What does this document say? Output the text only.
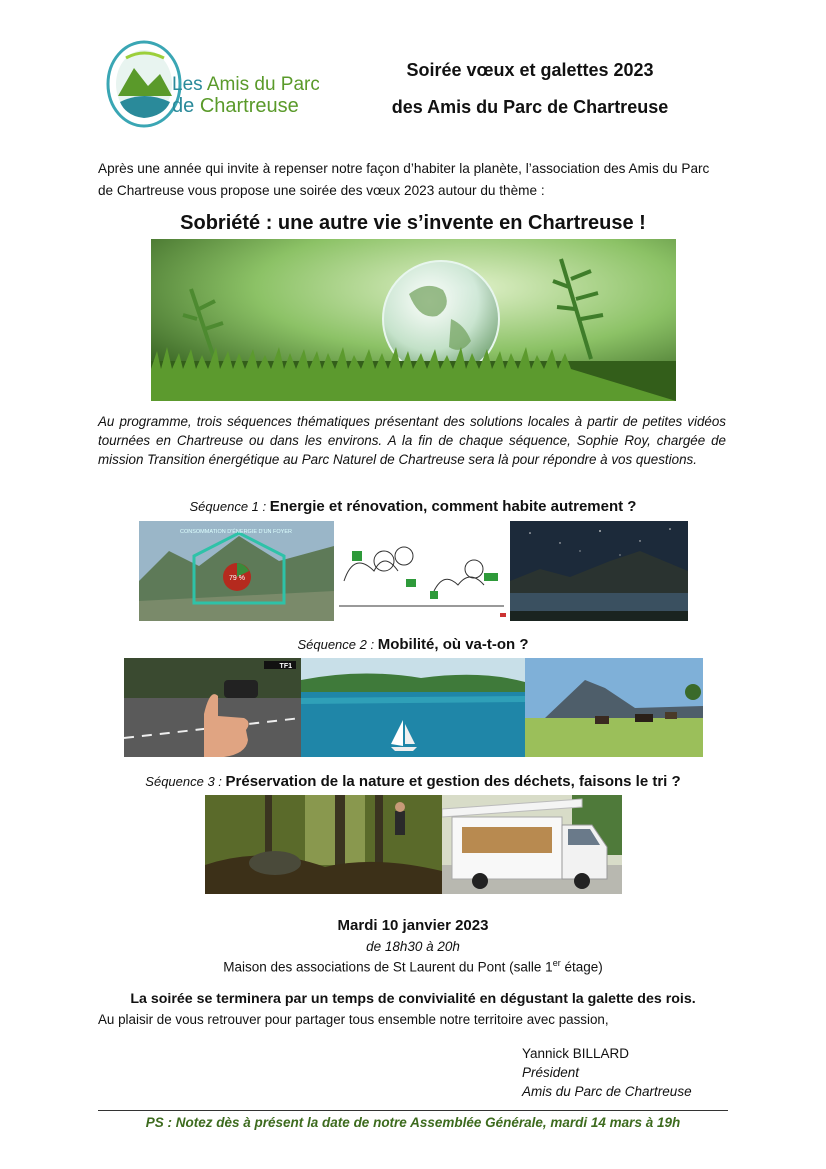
Les Amis du Parc
de Chartreuse
Soirée vœux et galettes 2023
des Amis du Parc de Chartreuse
Après une année qui invite à repenser notre façon d’habiter la planète, l’association des Amis du Parc de Chartreuse vous propose une soirée des vœux 2023 autour du thème :
Sobriété : une autre vie s’invente en Chartreuse !
Au programme, trois séquences thématiques présentant des solutions locales à partir de petites vidéos tournées en Chartreuse ou dans les environs. A la fin de chaque séquence, Sophie Roy, chargée de mission Transition énergétique au Parc Naturel de Chartreuse sera là pour répondre à vos questions.
Séquence 1 : Energie et rénovation, comment habite autrement ?
79 %
CONSOMMATION D'ÉNERGIE D'UN FOYER
Séquence 2 : Mobilité, où va-t-on ?
TF1
Séquence 3 : Préservation de la nature et gestion des déchets, faisons le tri ?
Mardi 10 janvier 2023
de 18h30 à 20h
Maison des associations de St Laurent du Pont (salle 1er étage)
La soirée se terminera par un temps de convivialité en dégustant la galette des rois.
Au plaisir de vous retrouver pour partager tous ensemble notre territoire avec passion,
Yannick BILLARD
Président
Amis du Parc de Chartreuse
PS : Notez dès à présent la date de notre Assemblée Générale, mardi 14 mars à 19h
